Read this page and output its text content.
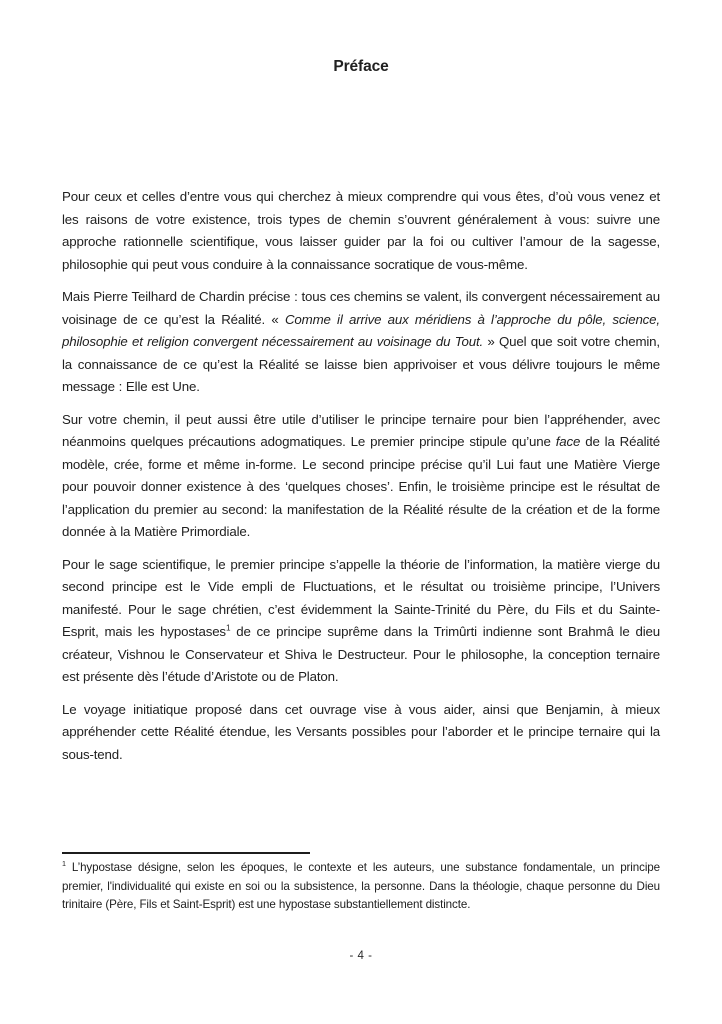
Préface

Pour ceux et celles d’entre vous qui cherchez à mieux comprendre qui vous êtes, d’où vous venez et les raisons de votre existence, trois types de chemin s’ouvrent généralement à vous: suivre une approche rationnelle scientifique, vous laisser guider par la foi ou cultiver l’amour de la sagesse, philosophie qui peut vous conduire à la connaissance socratique de vous-même.

Mais Pierre Teilhard de Chardin précise : tous ces chemins se valent, ils convergent nécessairement au voisinage de ce qu’est la Réalité. « Comme il arrive aux méridiens à l’approche du pôle, science, philosophie et religion convergent nécessairement au voisinage du Tout. » Quel que soit votre chemin, la connaissance de ce qu’est la Réalité se laisse bien apprivoiser et vous délivre toujours le même message : Elle est Une.

Sur votre chemin, il peut aussi être utile d’utiliser le principe ternaire pour bien l’appréhender, avec néanmoins quelques précautions adogmatiques. Le premier principe stipule qu’une face de la Réalité modèle, crée, forme et même in-forme. Le second principe précise qu’il Lui faut une Matière Vierge pour pouvoir donner existence à des ‘quelques choses’. Enfin, le troisième principe est le résultat de l’application du premier au second: la manifestation de la Réalité résulte de la création et de la forme donnée à la Matière Primordiale.

Pour le sage scientifique, le premier principe s’appelle la théorie de l’information, la matière vierge du second principe est le Vide empli de Fluctuations, et le résultat ou troisième principe, l’Univers manifesté. Pour le sage chrétien, c’est évidemment la Sainte-Trinité du Père, du Fils et du Sainte-Esprit, mais les hypostases$^1$ de ce principe suprême dans la Trimûrti indienne sont Brahmâ le dieu créateur, Vishnou le Conservateur et Shiva le Destructeur. Pour le philosophe, la conception ternaire est présente dès l’étude d’Aristote ou de Platon.

Le voyage initiatique proposé dans cet ouvrage vise à vous aider, ainsi que Benjamin, à mieux appréhender cette Réalité étendue, les Versants possibles pour l’aborder et le principe ternaire qui la sous-tend.

$^1$ L’hypostase désigne, selon les époques, le contexte et les auteurs, une substance fondamentale, un principe premier, l'individualité qui existe en soi ou la subsistence, la personne. Dans la théologie, chaque personne du Dieu trinitaire (Père, Fils et Saint-Esprit) est une hypostase substantiellement distincte.

- 4 -
